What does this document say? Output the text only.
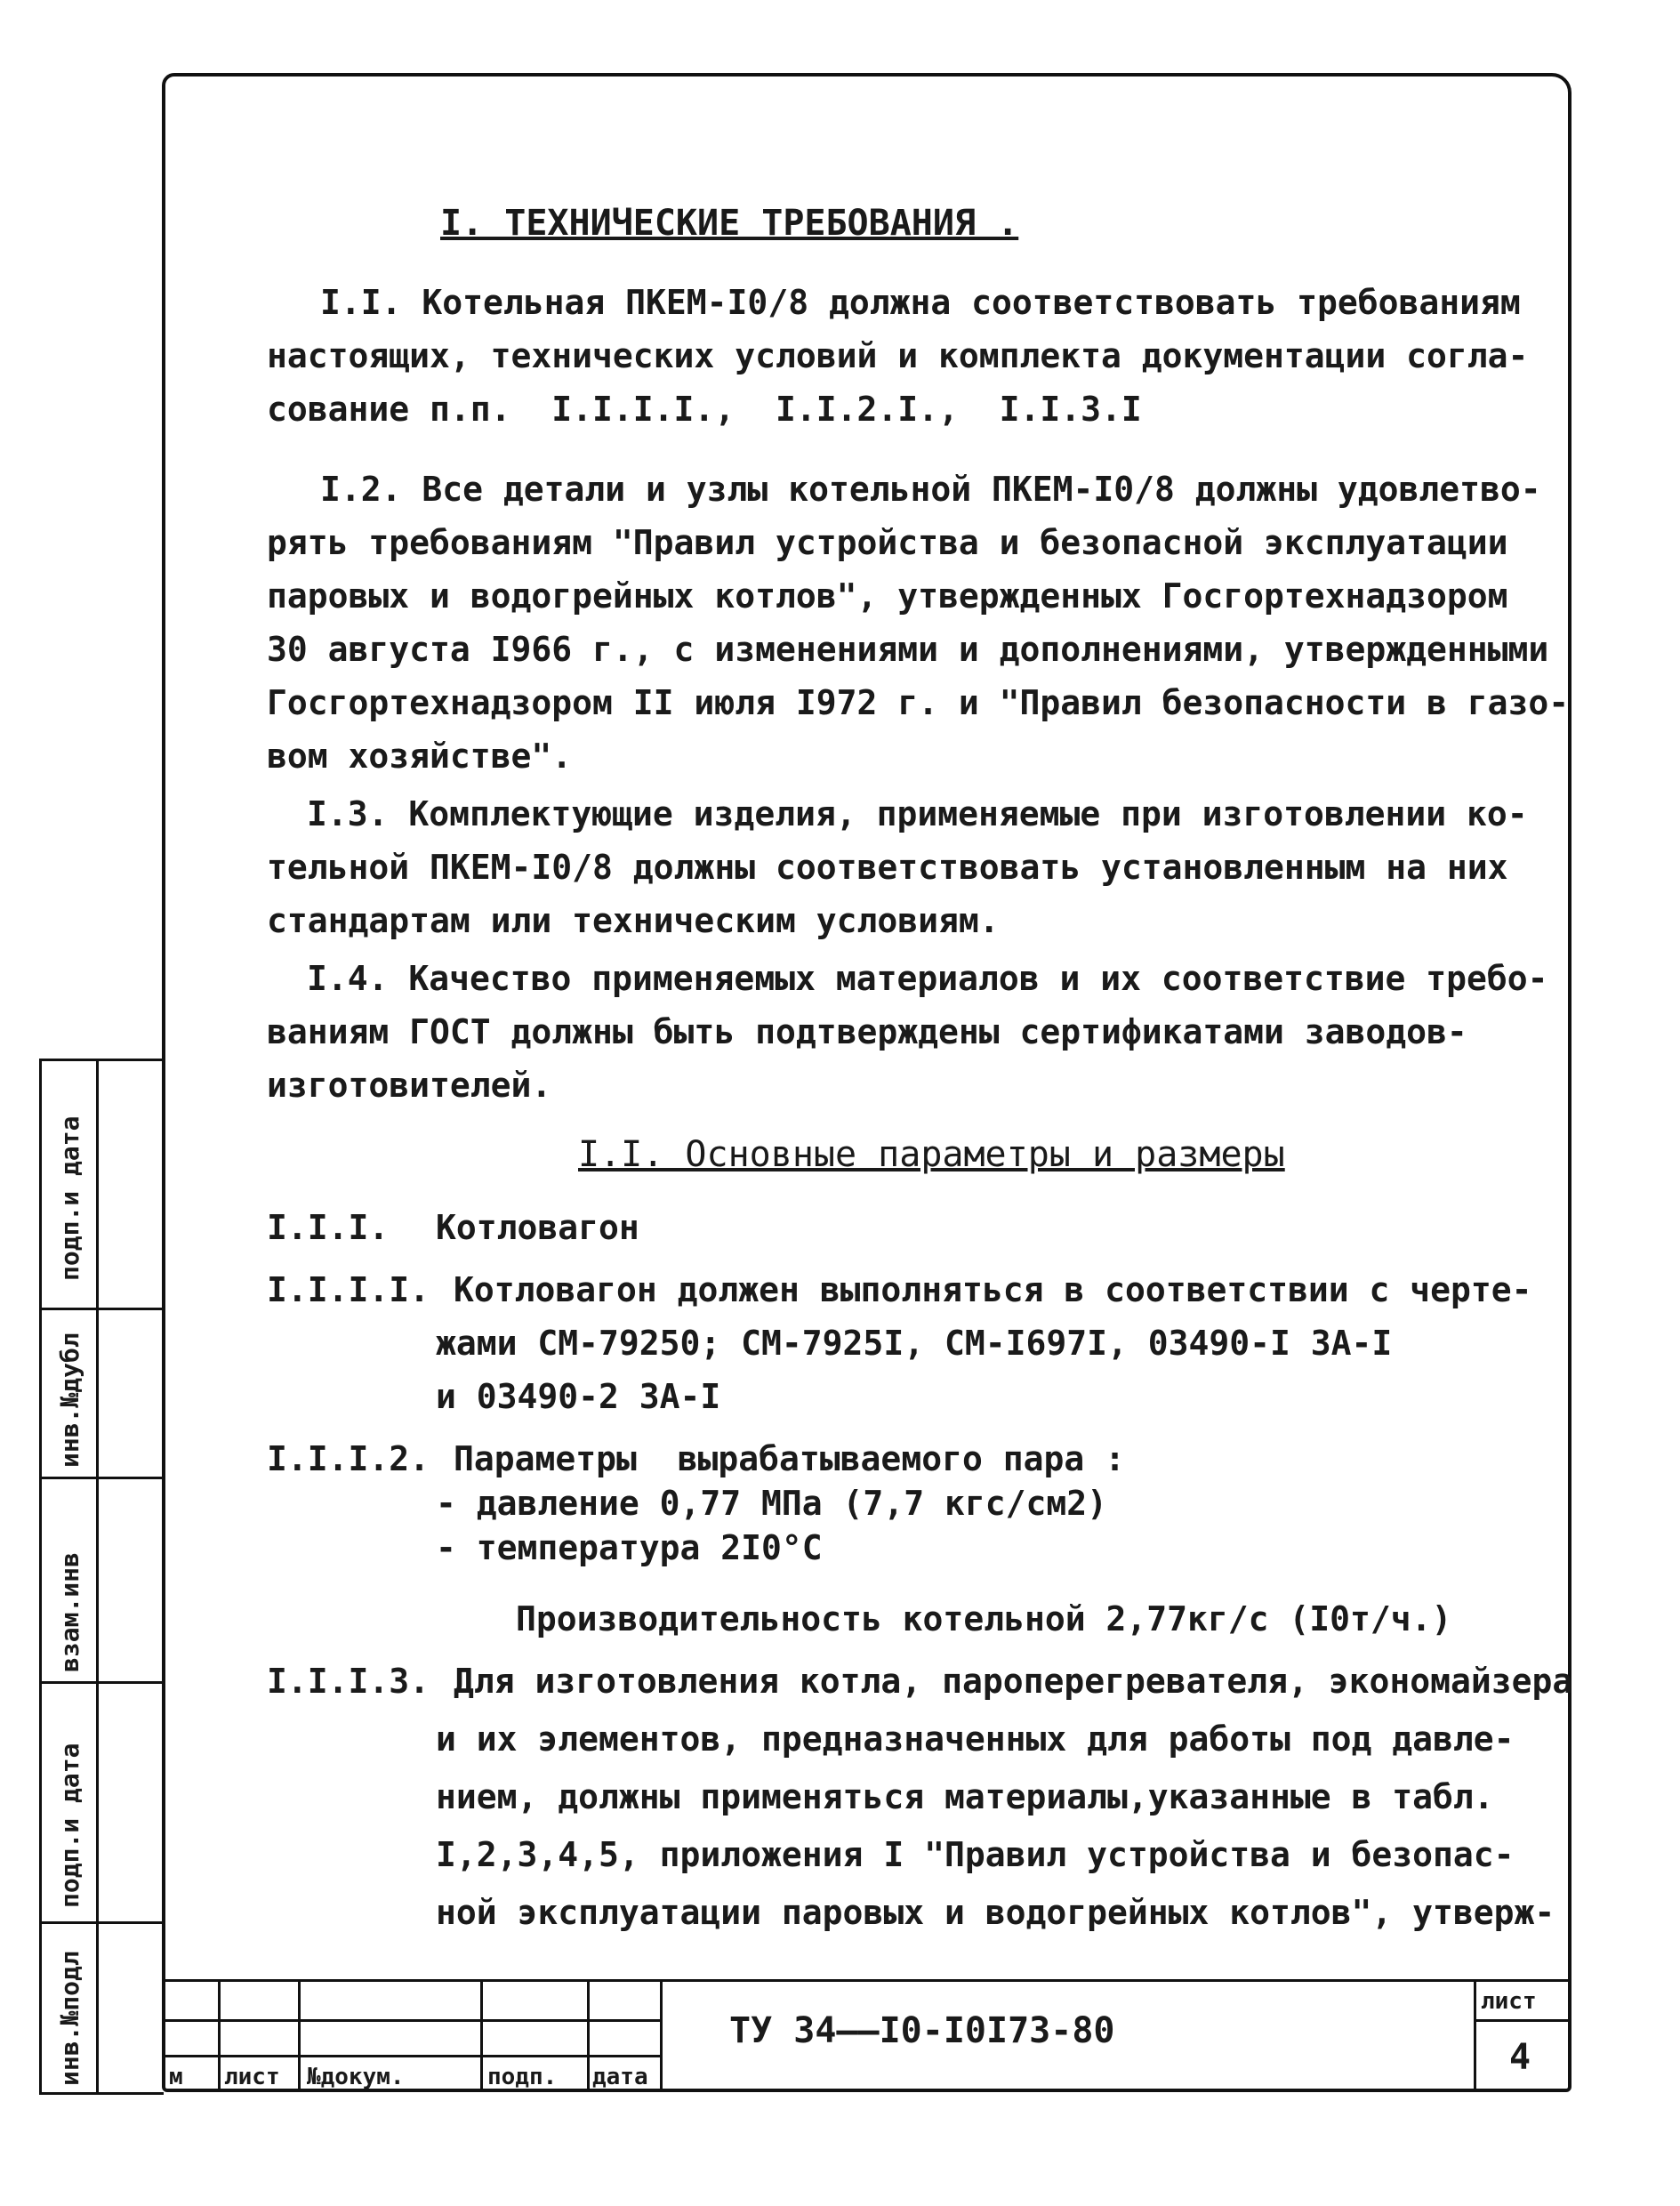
I. ТЕХНИЧЕСКИЕ ТРЕБОВАНИЯ .
I.I. Котельная ПКЕМ-I0/8 должна соответствовать требованиям
настоящих, технических условий и комплекта документации согла-
сование п.п.  I.I.I.I.,  I.I.2.I.,  I.I.3.I
I.2. Все детали и узлы котельной ПКЕМ-I0/8 должны удовлетво-
рять требованиям "Правил устройства и безопасной эксплуатации
паровых и водогрейных котлов", утвержденных Госгортехнадзором
30 августа I966 г., с изменениями и дополнениями, утвержденными
Госгортехнадзором II июля I972 г. и "Правил безопасности в газо-
вом хозяйстве".
I.3. Комплектующие изделия, применяемые при изготовлении ко-
тельной ПКЕМ-I0/8 должны соответствовать установленным на них
стандартам или техническим условиям.
I.4. Качество применяемых материалов и их соответствие требо-
ваниям ГОСТ должны быть подтверждены сертификатами заводов-
изготовителей.
I.I. Основные параметры и размеры
I.I.I. Котловагон
I.I.I.I. Котловагон должен выполняться в соответствии с черте-
жами СМ-79250; СМ-7925I, СМ-I697I, 03490-I ЗА-I
и 03490-2 ЗА-I
I.I.I.2. Параметры  вырабатываемого пара :
- давление 0,77 МПа (7,7 кгс/см2)
- температура 2I0°С
Производительность котельной 2,77кг/с (I0т/ч.)
I.I.I.3. Для изготовления котла, пароперегревателя, экономайзера
и их элементов, предназначенных для работы под давле-
нием, должны применяться материалы,указанные в табл.
I,2,3,4,5, приложения I "Правил устройства и безопас-
ной эксплуатации паровых и водогрейных котлов", утверж-
инв.№подл
подп.и дата
взам.инв
инв.№дубл
подп.и дата
м лист №докум.	подп. дата
ТУ 34——I0-I0I73-80
лист
4
